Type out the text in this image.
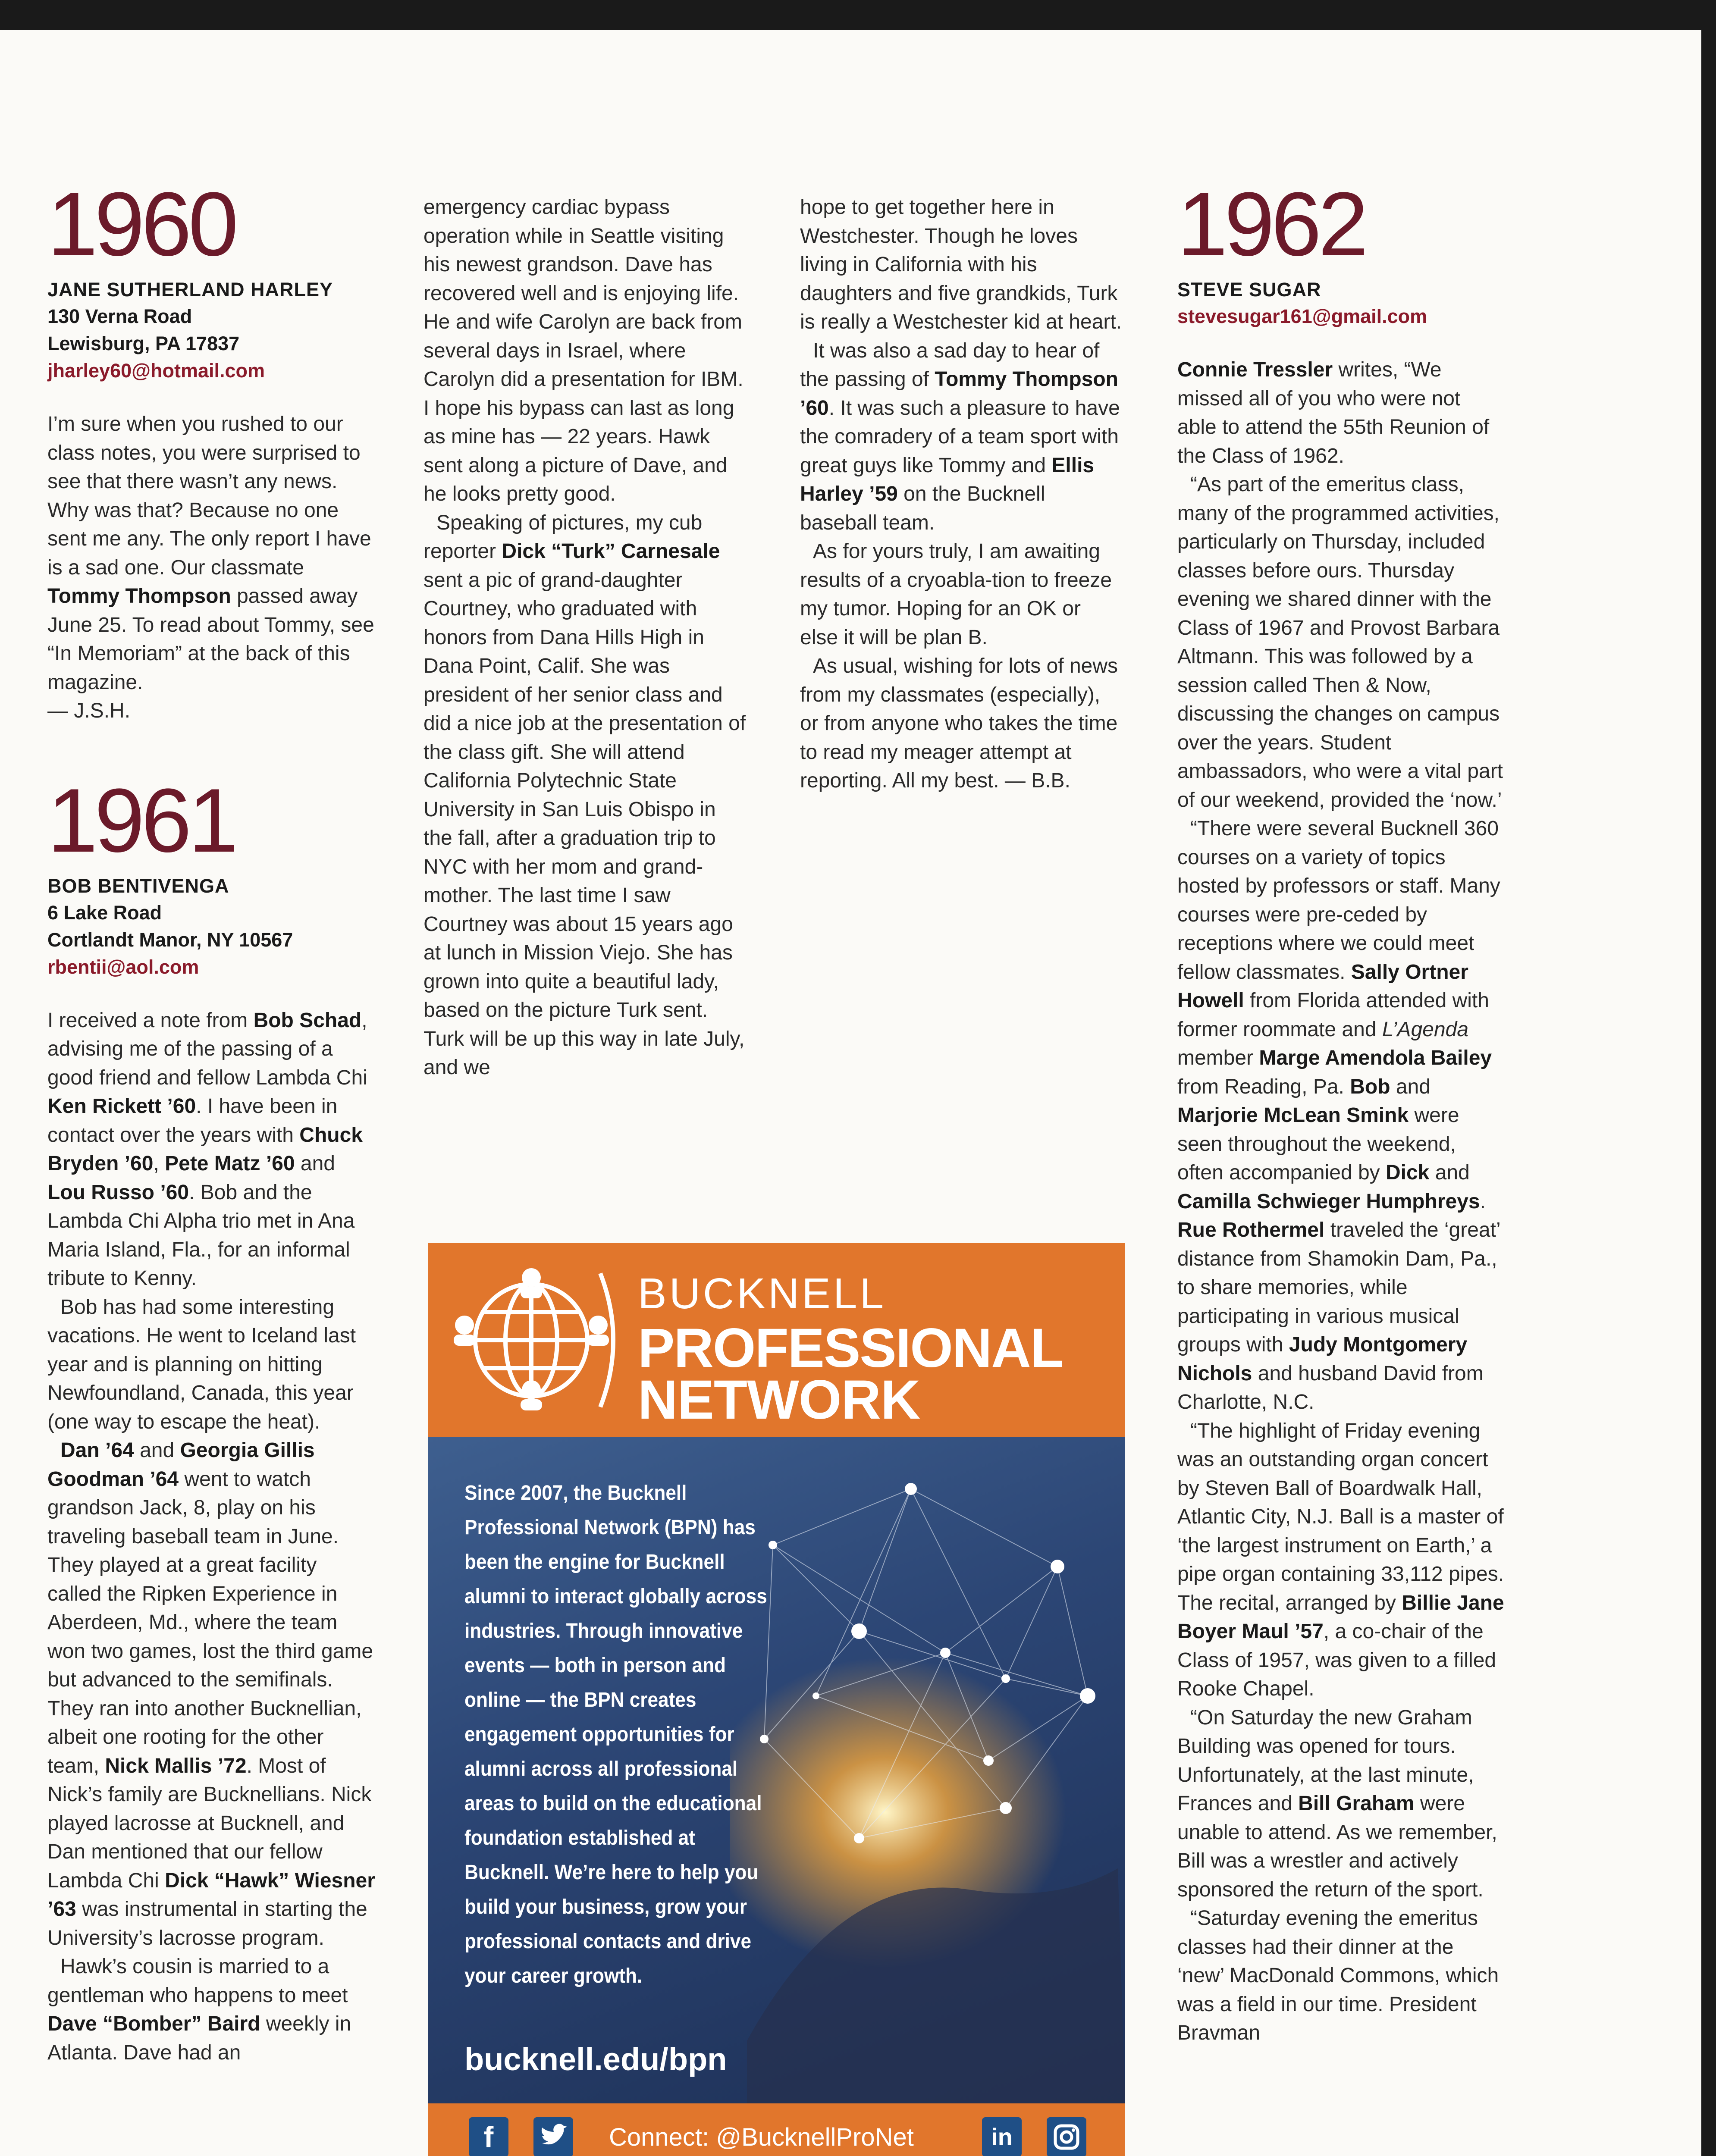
1960
JANE SUTHERLAND HARLEY
130 Verna Road
Lewisburg, PA 17837
jharley60@hotmail.com

I’m sure when you rushed to our class notes, you were surprised to see that there wasn’t any news. Why was that? Because no one sent me any. The only report I have is a sad one. Our classmate Tommy Thompson passed away June 25. To read about Tommy, see “In Memoriam” at the back of this magazine.

— J.S.H.

1961
BOB BENTIVENGA
6 Lake Road
Cortlandt Manor, NY 10567
rbentii@aol.com

I received a note from Bob Schad, advising me of the passing of a good friend and fellow Lambda Chi Ken Rickett ’60. I have been in contact over the years with Chuck Bryden ’60, Pete Matz ’60 and Lou Russo ’60. Bob and the Lambda Chi Alpha trio met in Ana Maria Island, Fla., for an informal tribute to Kenny.

Bob has had some interesting vacations. He went to Iceland last year and is planning on hitting Newfoundland, Canada, this year (one way to escape the heat).

Dan ’64 and Georgia Gillis Goodman ’64 went to watch grandson Jack, 8, play on his traveling baseball team in June. They played at a great facility called the Ripken Experience in Aberdeen, Md., where the team won two games, lost the third game but advanced to the semifinals. They ran into another Bucknellian, albeit one rooting for the other team, Nick Mallis ’72. Most of Nick’s family are Bucknellians. Nick played lacrosse at Bucknell, and Dan mentioned that our fellow Lambda Chi Dick “Hawk” Wiesner ’63 was instrumental in starting the University’s lacrosse program.

Hawk’s cousin is married to a gentleman who happens to meet Dave “Bomber” Baird weekly in Atlanta. Dave had an

emergency cardiac bypass operation while in Seattle visiting his newest grandson. Dave has recovered well and is enjoying life. He and wife Carolyn are back from several days in Israel, where Carolyn did a presentation for IBM. I hope his bypass can last as long as mine has — 22 years. Hawk sent along a picture of Dave, and he looks pretty good.

Speaking of pictures, my cub reporter Dick “Turk” Carnesale sent a pic of grand-daughter Courtney, who graduated with honors from Dana Hills High in Dana Point, Calif. She was president of her senior class and did a nice job at the presentation of the class gift. She will attend California Polytechnic State University in San Luis Obispo in the fall, after a graduation trip to NYC with her mom and grand-mother. The last time I saw Courtney was about 15 years ago at lunch in Mission Viejo. She has grown into quite a beautiful lady, based on the picture Turk sent. Turk will be up this way in late July, and we

hope to get together here in Westchester. Though he loves living in California with his daughters and five grandkids, Turk is really a Westchester kid at heart.

It was also a sad day to hear of the passing of Tommy Thompson ’60. It was such a pleasure to have the comradery of a team sport with great guys like Tommy and Ellis Harley ’59 on the Bucknell baseball team.

As for yours truly, I am awaiting results of a cryoabla-tion to freeze my tumor. Hoping for an OK or else it will be plan B.

As usual, wishing for lots of news from my classmates (especially), or from anyone who takes the time to read my meager attempt at reporting. All my best. — B.B.

1962
STEVE SUGAR
stevesugar161@gmail.com

Connie Tressler writes, “We missed all of you who were not able to attend the 55th Reunion of the Class of 1962.

“As part of the emeritus class, many of the programmed activities, particularly on Thursday, included classes before ours. Thursday evening we shared dinner with the Class of 1967 and Provost Barbara Altmann. This was followed by a session called Then & Now, discussing the changes on campus over the years. Student ambassadors, who were a vital part of our weekend, provided the ‘now.’

“There were several Bucknell 360 courses on a variety of topics hosted by professors or staff. Many courses were pre-ceded by receptions where we could meet fellow classmates. Sally Ortner Howell from Florida attended with former roommate and L’Agenda member Marge Amendola Bailey from Reading, Pa. Bob and Marjorie McLean Smink were seen throughout the weekend, often accompanied by Dick and Camilla Schwieger Humphreys. Rue Rothermel traveled the ‘great’ distance from Shamokin Dam, Pa., to share memories, while participating in various musical groups with Judy Montgomery Nichols and husband David from Charlotte, N.C.

“The highlight of Friday evening was an outstanding organ concert by Steven Ball of Boardwalk Hall, Atlantic City, N.J. Ball is a master of ‘the largest instrument on Earth,’ a pipe organ containing 33,112 pipes. The recital, arranged by Billie Jane Boyer Maul ’57, a co-chair of the Class of 1957, was given to a filled Rooke Chapel.

“On Saturday the new Graham Building was opened for tours. Unfortunately, at the last minute, Frances and Bill Graham were unable to attend. As we remember, Bill was a wrestler and actively sponsored the return of the sport.

“Saturday evening the emeritus classes had their dinner at the ‘new’ MacDonald Commons, which was a field in our time. President Bravman

BUCKNELL
PROFESSIONAL
NETWORK
Since 2007, the Bucknell Professional Network (BPN) has been the engine for Bucknell alumni to interact globally across industries. Through innovative events — both in person and online — the BPN creates engagement opportunities for alumni across all professional areas to build on the educational foundation established at Bucknell. We’re here to help you build your business, grow your professional contacts and drive your career growth.
bucknell.edu/bpn
f	Connect: @BucknellProNet	in
